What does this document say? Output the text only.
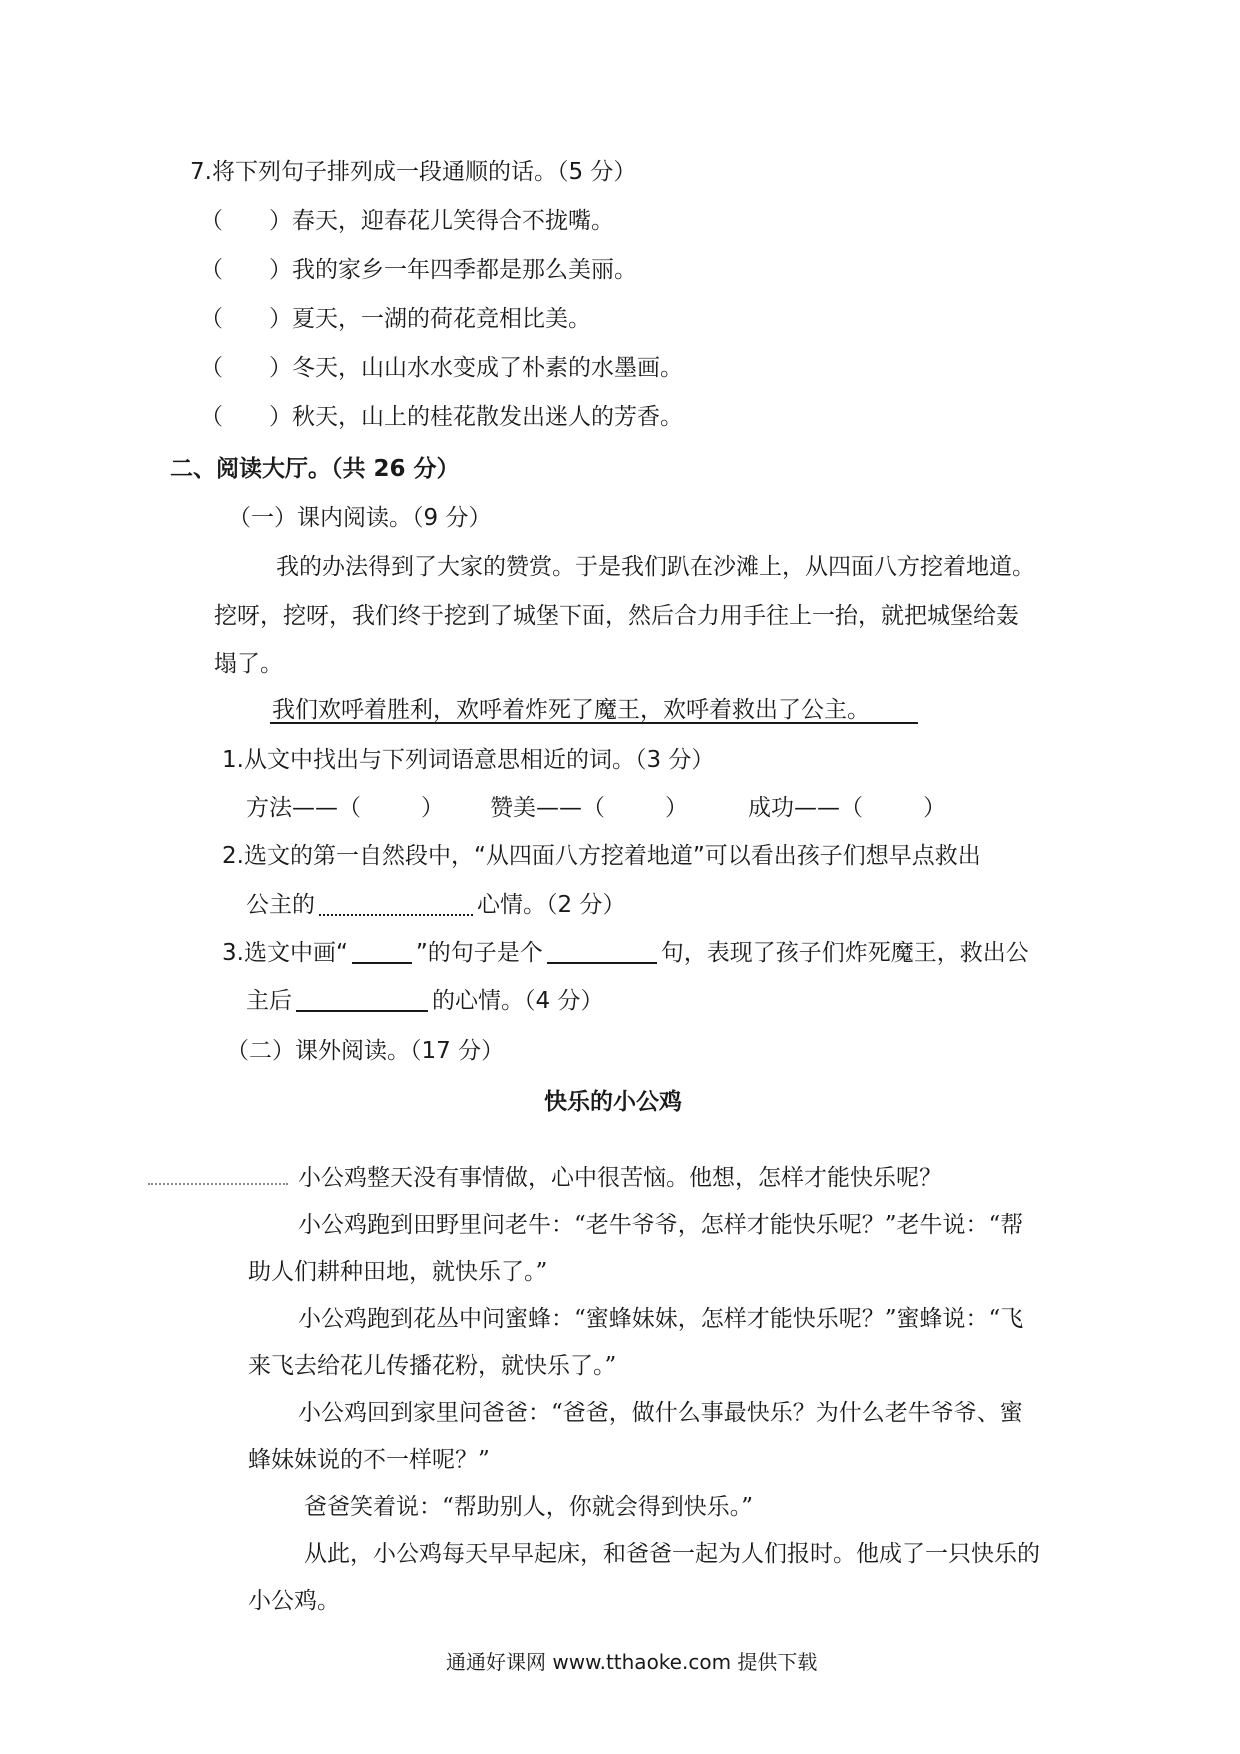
7.将下列句子排列成一段通顺的话。（5 分）
（　　）春天，迎春花儿笑得合不拢嘴。
（　　）我的家乡一年四季都是那么美丽。
（　　）夏天，一湖的荷花竞相比美。
（　　）冬天，山山水水变成了朴素的水墨画。
（　　）秋天，山上的桂花散发出迷人的芳香。
二、阅读大厅。（共 26 分）
（一）课内阅读。（9 分）
我的办法得到了大家的赞赏。于是我们趴在沙滩上，从四面八方挖着地道。
挖呀，挖呀，我们终于挖到了城堡下面，然后合力用手往上一抬，就把城堡给轰
塌了。
我们欢呼着胜利，欢呼着炸死了魔王，欢呼着救出了公主。
1.从文中找出与下列词语意思相近的词。（3 分）
方法——（	） 赞美——（	）	成功——（	）
2.选文的第一自然段中，“从四面八方挖着地道”可以看出孩子们想早点救出
公主的	心情。（2 分）
3.选文中画“	”的句子是个	句，表现了孩子们炸死魔王，救出公
主后	的心情。（4 分）
（二）课外阅读。（17 分）
快乐的小公鸡
小公鸡整天没有事情做，心中很苦恼。他想，怎样才能快乐呢？
小公鸡跑到田野里问老牛：“老牛爷爷，怎样才能快乐呢？”老牛说：“帮
助人们耕种田地，就快乐了。”
小公鸡跑到花丛中问蜜蜂：“蜜蜂妹妹，怎样才能快乐呢？”蜜蜂说：“飞
来飞去给花儿传播花粉，就快乐了。”
小公鸡回到家里问爸爸：“爸爸，做什么事最快乐？为什么老牛爷爷、蜜
蜂妹妹说的不一样呢？”
爸爸笑着说：“帮助别人，你就会得到快乐。”
从此，小公鸡每天早早起床，和爸爸一起为人们报时。他成了一只快乐的
小公鸡。
通通好课网 www.tthaoke.com 提供下载
